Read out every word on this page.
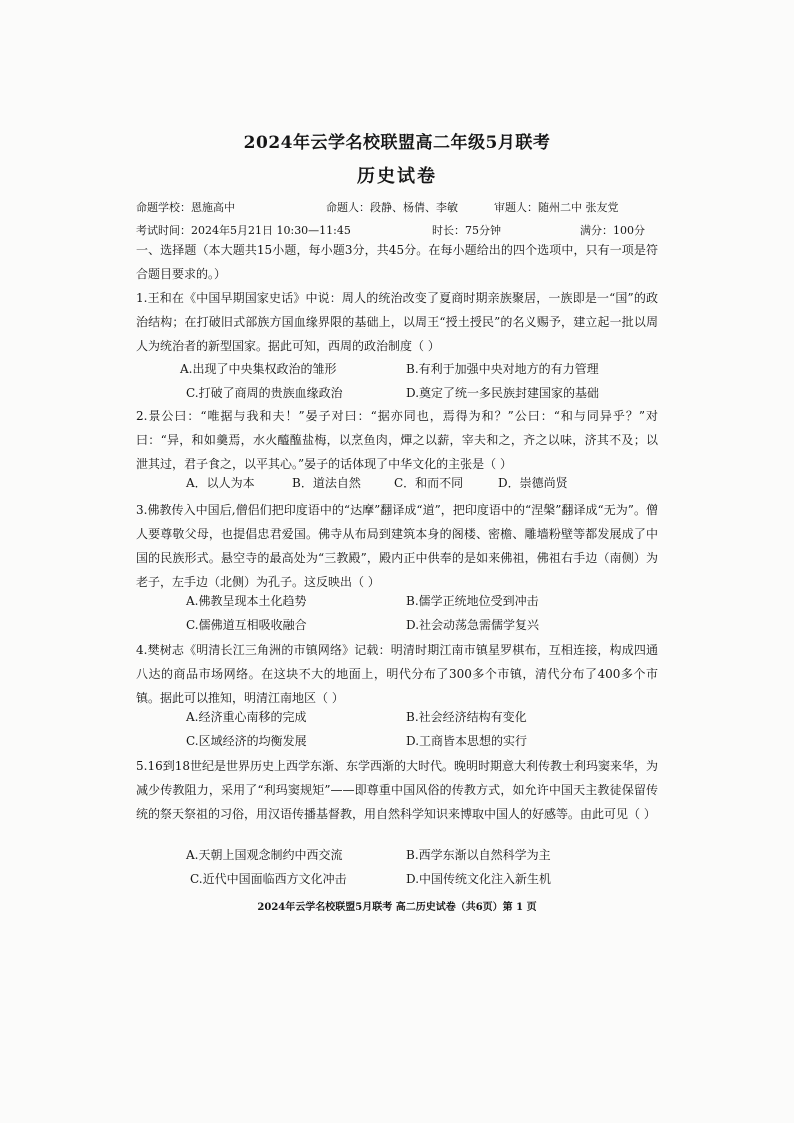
2024年云学名校联盟高二年级5月联考
历史试卷
命题学校：恩施高中	命题人：段静、杨倩、李敏	审题人：随州二中 张友党
考试时间：2024年5月21日 10:30—11:45	时长：75分钟	满分：100分

一、选择题（本大题共15小题，每小题3分，共45分。在每小题给出的四个选项中，只有一项是符合题目要求的。）

1.王和在《中国早期国家史话》中说：周人的统治改变了夏商时期亲族聚居，一族即是一“国”的政治结构；在打破旧式部族方国血缘界限的基础上，以周王“授土授民”的名义赐予，建立起一批以周人为统治者的新型国家。据此可知，西周的政治制度（ ）

A.出现了中央集权政治的雏形	B.有利于加强中央对地方的有力管理
C.打破了商周的贵族血缘政治	D.奠定了统一多民族封建国家的基础

2.景公曰：“唯据与我和夫！”晏子对曰：“据亦同也，焉得为和？”公曰：“和与同异乎？”对曰：“异，和如羹焉，水火醯醢盐梅，以烹鱼肉，燀之以薪，宰夫和之，齐之以味，济其不及；以泄其过，君子食之，以平其心。”晏子的话体现了中华文化的主张是（ ）

A．以人为本	B．道法自然	C．和而不同	D．崇德尚贤

3.佛教传入中国后,僧侣们把印度语中的“达摩”翻译成“道”，把印度语中的“涅槃”翻译成“无为”。僧人要尊敬父母，也提倡忠君爱国。佛寺从布局到建筑本身的阁楼、密檐、雕墙粉壁等都发展成了中国的民族形式。悬空寺的最高处为“三教殿”，殿内正中供奉的是如来佛祖，佛祖右手边（南侧）为老子，左手边（北侧）为孔子。这反映出（ ）

A.佛教呈现本土化趋势	B.儒学正统地位受到冲击
C.儒佛道互相吸收融合	D.社会动荡急需儒学复兴

4.樊树志《明清长江三角洲的市镇网络》记载：明清时期江南市镇星罗棋布，互相连接，构成四通八达的商品市场网络。在这块不大的地面上，明代分布了300多个市镇，清代分布了400多个市镇。据此可以推知，明清江南地区（ ）

A.经济重心南移的完成	B.社会经济结构有变化
C.区域经济的均衡发展	D.工商皆本思想的实行

5.16到18世纪是世界历史上西学东渐、东学西渐的大时代。晚明时期意大利传教士利玛窦来华，为减少传教阻力，采用了“利玛窦规矩”——即尊重中国风俗的传教方式，如允许中国天主教徒保留传统的祭天祭祖的习俗，用汉语传播基督教，用自然科学知识来博取中国人的好感等。由此可见（ ）

A.天朝上国观念制约中西交流	B.西学东渐以自然科学为主
C.近代中国面临西方文化冲击	D.中国传统文化注入新生机
2024年云学名校联盟5月联考 高二历史试卷（共6页）第 1 页
